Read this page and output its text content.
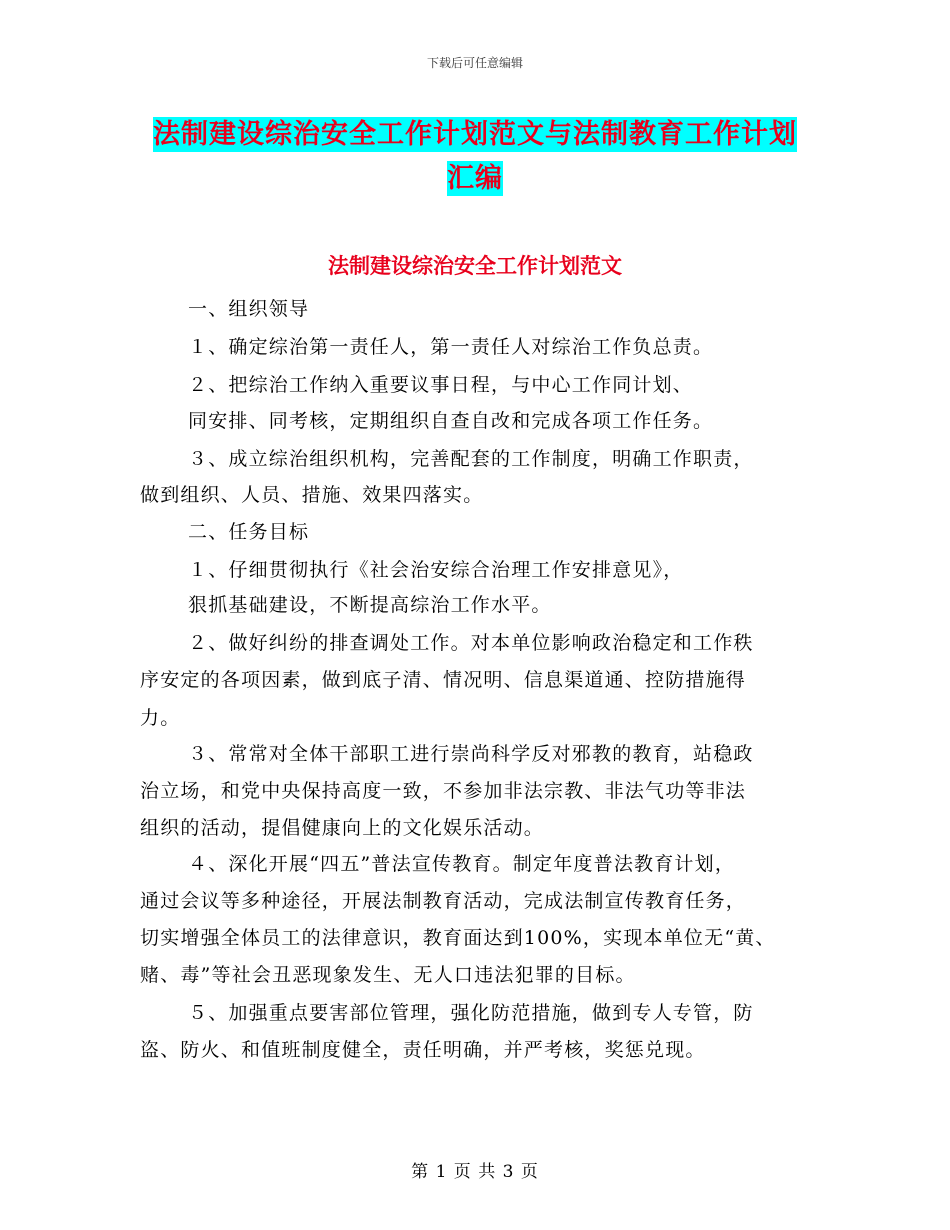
下载后可任意编辑
法制建设综治安全工作计划范文与法制教育工作计划
汇编
法制建设综治安全工作计划范文
一、组织领导
１、确定综治第一责任人，第一责任人对综治工作负总责。
２、把综治工作纳入重要议事日程，与中心工作同计划、
同安排、同考核，定期组织自查自改和完成各项工作任务。
３、成立综治组织机构，完善配套的工作制度，明确工作职责，
做到组织、人员、措施、效果四落实。
二、任务目标
１、仔细贯彻执行《社会治安综合治理工作安排意见》，
狠抓基础建设，不断提高综治工作水平。
２、做好纠纷的排查调处工作。对本单位影响政治稳定和工作秩
序安定的各项因素，做到底子清、情况明、信息渠道通、控防措施得
力。
３、常常对全体干部职工进行崇尚科学反对邪教的教育，站稳政
治立场，和党中央保持高度一致，不参加非法宗教、非法气功等非法
组织的活动，提倡健康向上的文化娱乐活动。
４、深化开展“四五”普法宣传教育。制定年度普法教育计划，
通过会议等多种途径，开展法制教育活动，完成法制宣传教育任务，
切实增强全体员工的法律意识，教育面达到100%，实现本单位无“黄、
赌、毒”等社会丑恶现象发生、无人口违法犯罪的目标。
５、加强重点要害部位管理，强化防范措施，做到专人专管，防
盗、防火、和值班制度健全，责任明确，并严考核，奖惩兑现。
第 1 页 共 3 页
